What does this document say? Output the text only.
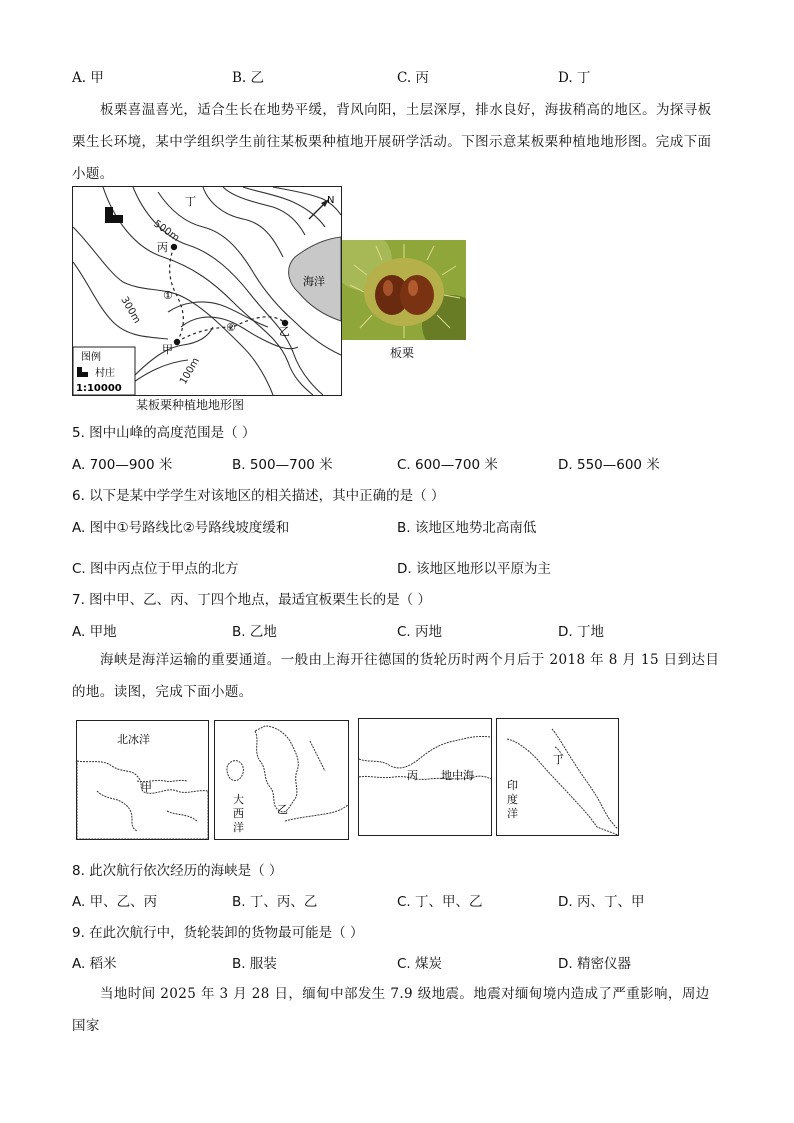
A. 甲	B. 乙	C. 丙	D. 丁
板栗喜温喜光，适合生长在地势平缓，背风向阳，土层深厚，排水良好，海拔稍高的地区。为探寻板栗生长环境，某中学组织学生前往某板栗种植地开展研学活动。下图示意某板栗种植地地形图。完成下面小题。
500m
300m
100m
丙
甲
乙
丁
①
②
海洋
N
图例
村庄
1:10000
某板栗种植地地形图
板栗
5. 图中山峰的高度范围是（ ）
A. 700—900 米	B. 500—700 米	C. 600—700 米	D. 550—600 米
6. 以下是某中学学生对该地区的相关描述，其中正确的是（ ）
A. 图中①号路线比②号路线坡度缓和	B. 该地区地势北高南低
C. 图中丙点位于甲点的北方	D. 该地区地形以平原为主
7. 图中甲、乙、丙、丁四个地点，最适宜板栗生长的是（ ）
A. 甲地	B. 乙地	C. 丙地	D. 丁地
海峡是海洋运输的重要通道。一般由上海开往德国的货轮历时两个月后于 2018 年 8 月 15 日到达目的地。读图，完成下面小题。
北冰洋
甲
大
西
洋
乙
丙 地中海
丁
印
度
洋
8. 此次航行依次经历的海峡是（ ）
A. 甲、乙、丙	B. 丁、丙、乙	C. 丁、甲、乙	D. 丙、丁、甲
9. 在此次航行中，货轮装卸的货物最可能是（ ）
A. 稻米	B. 服装	C. 煤炭	D. 精密仪器
当地时间 2025 年 3 月 28 日，缅甸中部发生 7.9 级地震。地震对缅甸境内造成了严重影响，周边国家
